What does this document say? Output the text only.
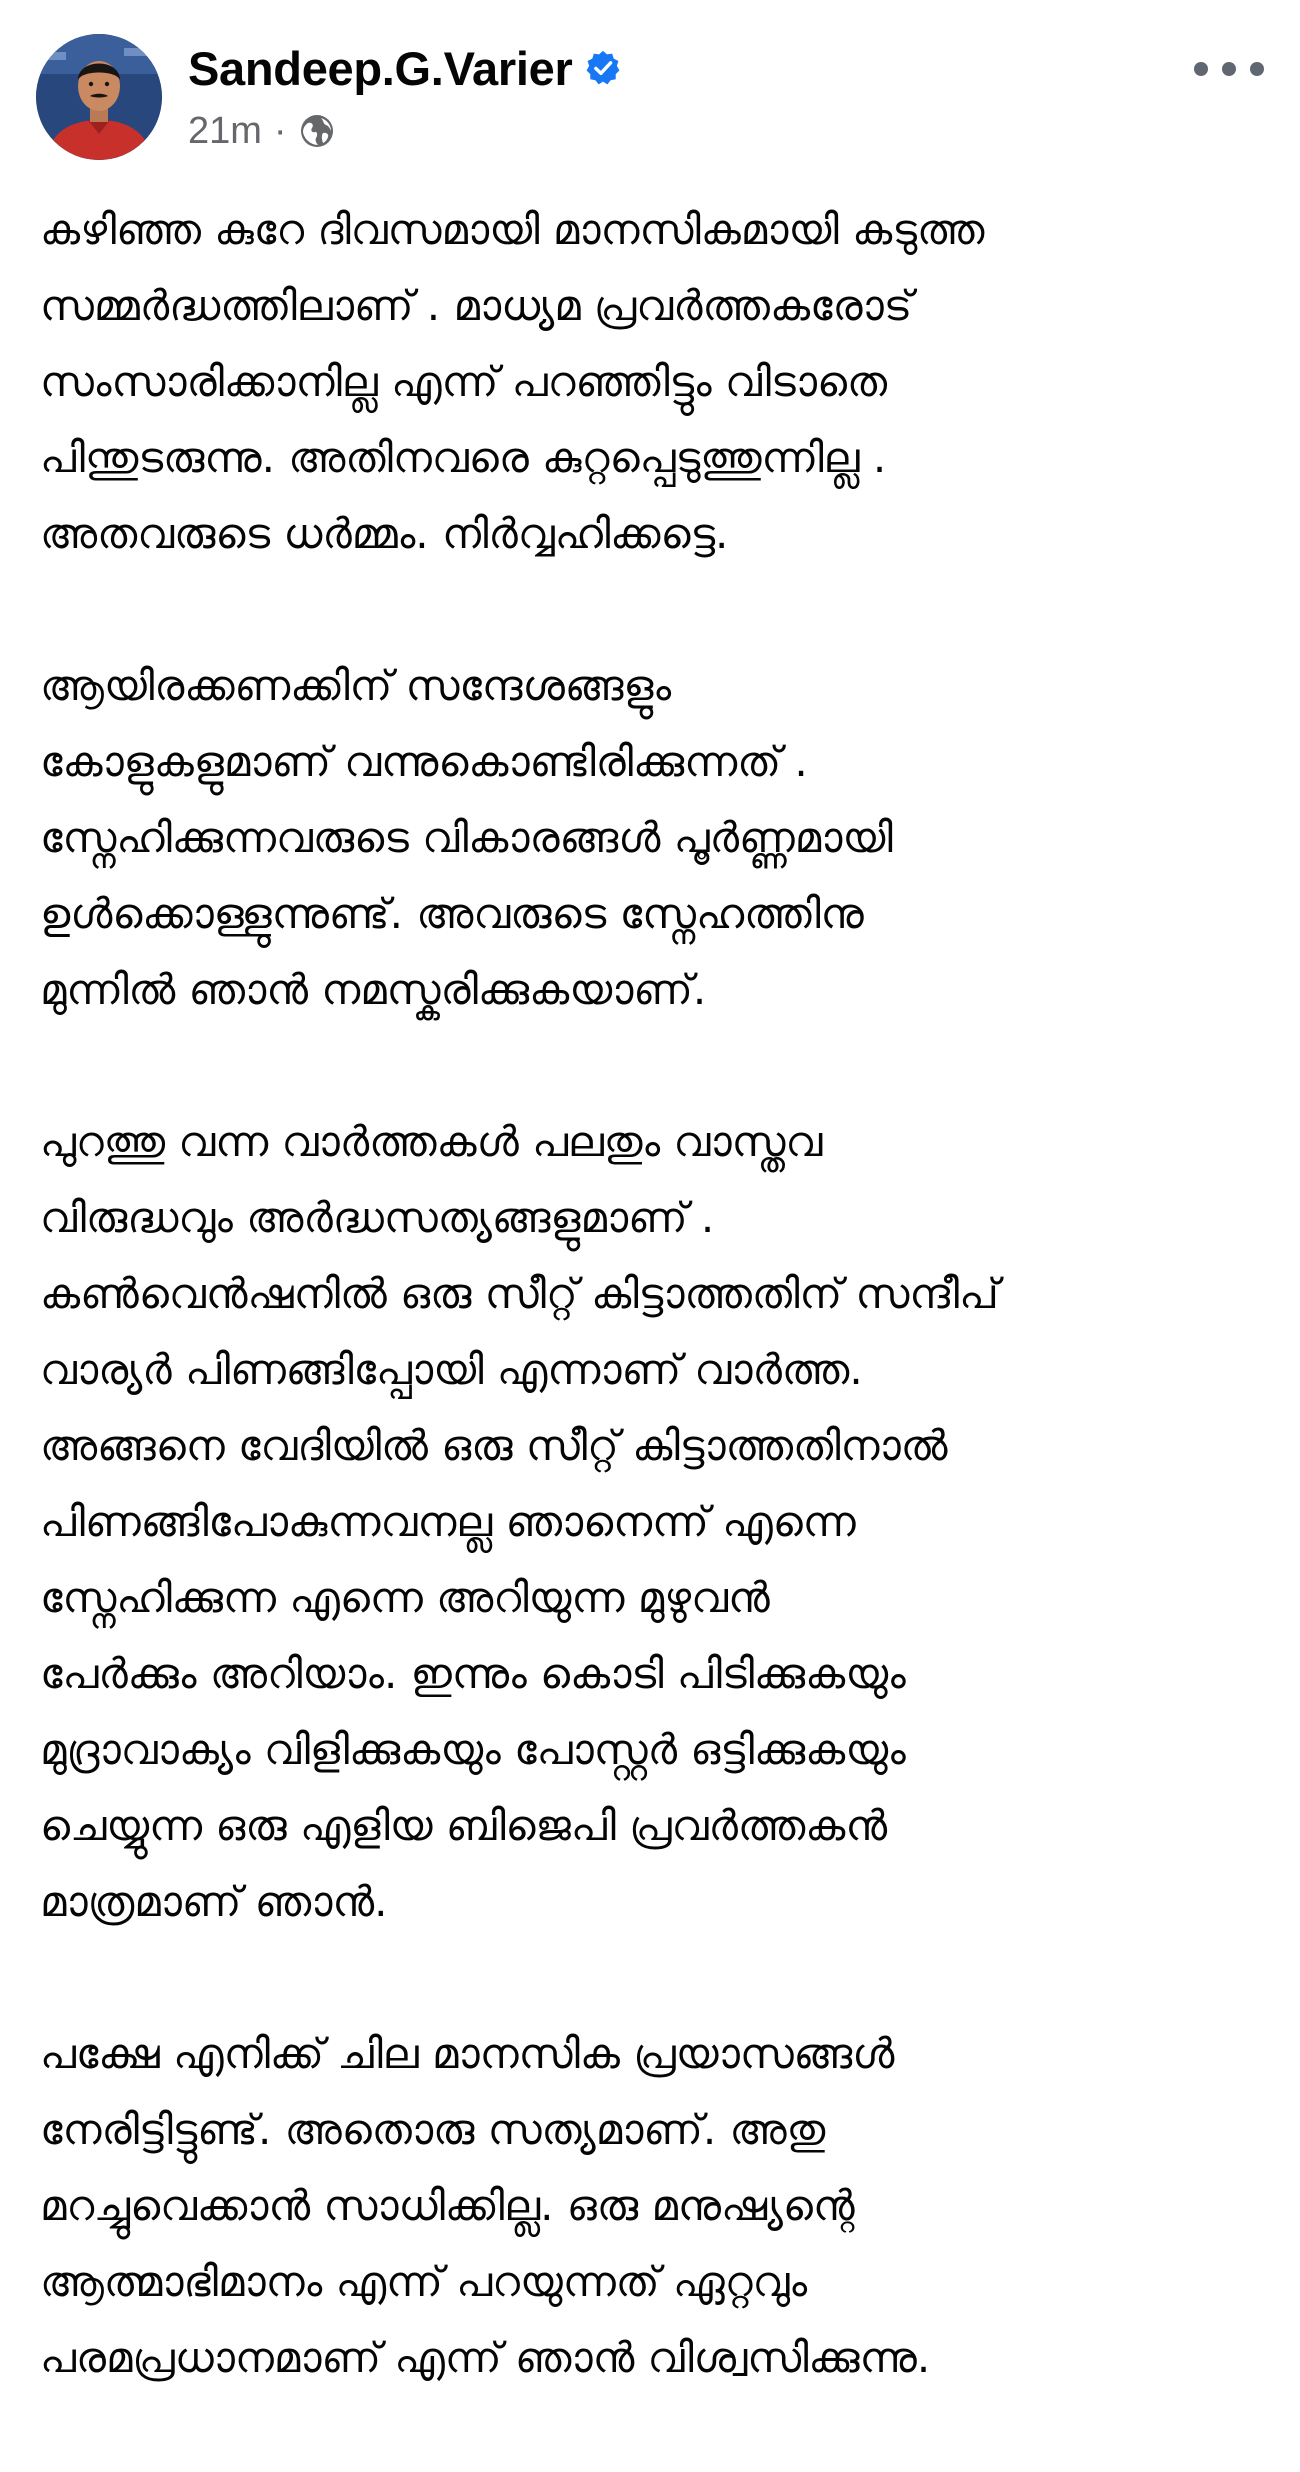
Sandeep.G.Varier
21m ·

കഴിഞ്ഞ കുറേ ദിവസമായി മാനസികമായി കടുത്ത
സമ്മർദ്ധത്തിലാണ് . മാധ്യമ പ്രവർത്തകരോട്
സംസാരിക്കാനില്ല എന്ന് പറഞ്ഞിട്ടും വിടാതെ
പിന്തുടരുന്നു. അതിനവരെ കുറ്റപ്പെടുത്തുന്നില്ല .
അതവരുടെ ധർമ്മം. നിർവ്വഹിക്കട്ടെ.

ആയിരക്കണക്കിന് സന്ദേശങ്ങളും
കോളുകളുമാണ് വന്നുകൊണ്ടിരിക്കുന്നത് .
സ്നേഹിക്കുന്നവരുടെ വികാരങ്ങൾ പൂർണ്ണമായി
ഉൾക്കൊള്ളുന്നുണ്ട്. അവരുടെ സ്നേഹത്തിനു
മുന്നിൽ ഞാൻ നമസ്കരിക്കുകയാണ്.

പുറത്തു വന്ന വാർത്തകൾ പലതും വാസ്തവ
വിരുദ്ധവും അർദ്ധസത്യങ്ങളുമാണ് .
കൺവെൻഷനിൽ ഒരു സീറ്റ് കിട്ടാത്തതിന് സന്ദീപ്
വാര്യർ പിണങ്ങിപ്പോയി എന്നാണ് വാർത്ത.
അങ്ങനെ വേദിയിൽ ഒരു സീറ്റ് കിട്ടാത്തതിനാൽ
പിണങ്ങിപോകുന്നവനല്ല ഞാനെന്ന് എന്നെ
സ്നേഹിക്കുന്ന എന്നെ അറിയുന്ന മുഴുവൻ
പേർക്കും അറിയാം. ഇന്നും കൊടി പിടിക്കുകയും
മുദ്രാവാക്യം വിളിക്കുകയും പോസ്റ്റർ ഒട്ടിക്കുകയും
ചെയ്യുന്ന ഒരു എളിയ ബിജെപി പ്രവർത്തകൻ
മാത്രമാണ് ഞാൻ.

പക്ഷേ എനിക്ക് ചില മാനസിക പ്രയാസങ്ങൾ
നേരിട്ടിട്ടുണ്ട്. അതൊരു സത്യമാണ്. അതു
മറച്ചുവെക്കാൻ സാധിക്കില്ല. ഒരു മനുഷ്യന്റെ
ആത്മാഭിമാനം എന്ന് പറയുന്നത് ഏറ്റവും
പരമപ്രധാനമാണ് എന്ന് ഞാൻ വിശ്വസിക്കുന്നു.
